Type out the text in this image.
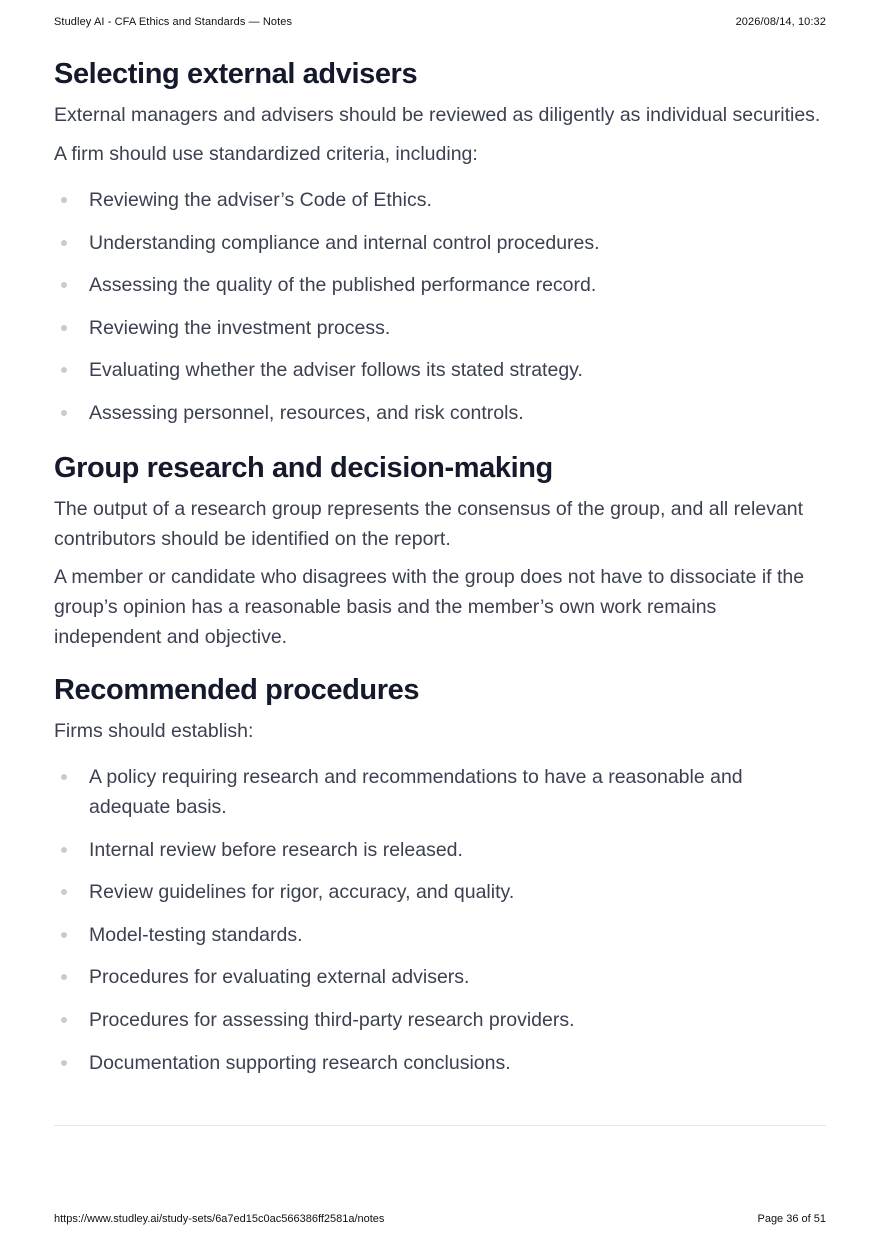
Studley AI - CFA Ethics and Standards — Notes	2026/08/14, 10:32
Selecting external advisers

External managers and advisers should be reviewed as diligently as individual securities.

A firm should use standardized criteria, including:

Reviewing the adviser’s Code of Ethics.
Understanding compliance and internal control procedures.
Assessing the quality of the published performance record.
Reviewing the investment process.
Evaluating whether the adviser follows its stated strategy.
Assessing personnel, resources, and risk controls.
Group research and decision-making

The output of a research group represents the consensus of the group, and all relevant contributors should be identified on the report.

A member or candidate who disagrees with the group does not have to dissociate if the group’s opinion has a reasonable basis and the member’s own work remains independent and objective.

Recommended procedures

Firms should establish:

A policy requiring research and recommendations to have a reasonable and adequate basis.
Internal review before research is released.
Review guidelines for rigor, accuracy, and quality.
Model-testing standards.
Procedures for evaluating external advisers.
Procedures for assessing third-party research providers.
Documentation supporting research conclusions.
https://www.studley.ai/study-sets/6a7ed15c0ac566386ff2581a/notes	Page 36 of 51
